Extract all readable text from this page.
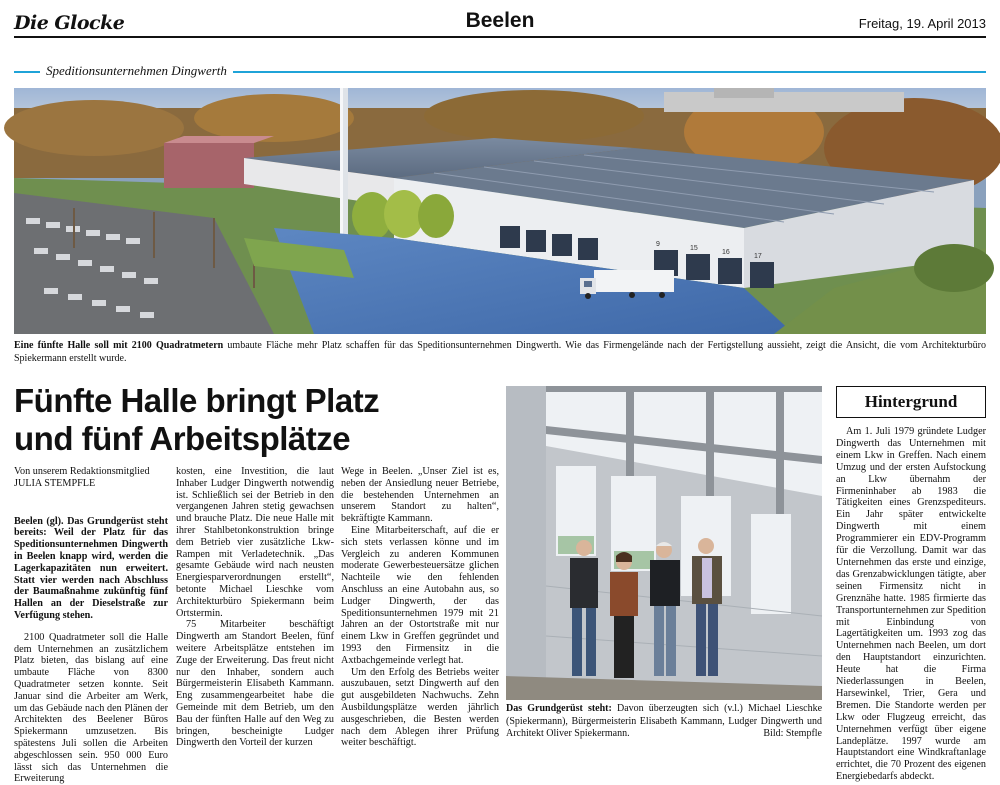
Die Glocke	Beelen	Freitag, 19. April 2013
Speditionsunternehmen Dingwerth
9
15
16
17

Eine fünfte Halle soll mit 2100 Quadratmetern umbaute Fläche mehr Platz schaffen für das Speditionsunternehmen Dingwerth. Wie das Firmengelände nach der Fertigstellung aussieht, zeigt die Ansicht, die vom Architekturbüro Spiekermann erstellt wurde.

Fünfte Halle bringt Platz
und fünf Arbeitsplätze
Von unserem Redaktionsmitglied
JULIA STEMPFLE

Beelen (gl). Das Grundgerüst steht bereits: Weil der Platz für das Speditionsunternehmen Dingwerth in Beelen knapp wird, werden die Lagerkapazitäten nun erweitert. Statt vier werden nach Abschluss der Baumaßnahme zukünftig fünf Hallen an der Dieselstraße zur Verfügung stehen.

2100 Quadratmeter soll die Halle dem Unternehmen an zusätzlichem Platz bieten, das bislang auf eine umbaute Fläche von 8300 Quadratmeter setzen konnte. Seit Januar sind die Arbeiter am Werk, um das Gebäude nach den Plänen der Architekten des Beelener Büros Spiekermann umzusetzen. Bis spätestens Juli sollen die Arbeiten abgeschlossen sein. 950 000 Euro lässt sich das Unternehmen die Erweiterung

kosten, eine Investition, die laut Inhaber Ludger Dingwerth notwendig ist. Schließlich sei der Betrieb in den vergangenen Jahren stetig gewachsen und brauche Platz. Die neue Halle mit ihrer Stahlbetonkonstruktion bringe dem Betrieb vier zusätzliche Lkw-Rampen mit Verladetechnik. „Das gesamte Gebäude wird nach neusten Energiesparverordnungen erstellt“, betonte Michael Lieschke vom Architekturbüro Spiekermann beim Ortstermin.

75 Mitarbeiter beschäftigt Dingwerth am Standort Beelen, fünf weitere Arbeitsplätze entstehen im Zuge der Erweiterung. Das freut nicht nur den Inhaber, sondern auch Bürgermeisterin Elisabeth Kammann. Eng zusammengearbeitet habe die Gemeinde mit dem Betrieb, um den Bau der fünften Halle auf den Weg zu bringen, bescheinigte Ludger Dingwerth den Vorteil der kurzen

Wege in Beelen. „Unser Ziel ist es, neben der Ansiedlung neuer Betriebe, die bestehenden Unternehmen an unserem Standort zu halten“, bekräftigte Kammann.

Eine Mitarbeiterschaft, auf die er sich stets verlassen könne und im Vergleich zu anderen Kommunen moderate Gewerbesteuersätze glichen Nachteile wie den fehlenden Anschluss an eine Autobahn aus, so Ludger Dingwerth, der das Speditionsunternehmen 1979 mit 21 Jahren an der Ostortstraße mit nur einem Lkw in Greffen gegründet und 1993 den Firmensitz in die Axtbachgemeinde verlegt hat.

Um den Erfolg des Betriebs weiter auszubauen, setzt Dingwerth auf den gut ausgebildeten Nachwuchs. Zehn Ausbildungsplätze werden jährlich ausgeschrieben, die Besten werden nach dem Ablegen ihrer Prüfung weiter beschäftigt.

Das Grundgerüst steht: Davon überzeugten sich (v.l.) Michael Lieschke (Spiekermann), Bürgermeisterin Elisabeth Kammann, Ludger Dingwerth und Architekt Oliver Spiekermann.	Bild: Stempfle

Hintergrund

Am 1. Juli 1979 gründete Ludger Dingwerth das Unternehmen mit einem Lkw in Greffen. Nach einem Umzug und der ersten Aufstockung an Lkw übernahm der Firmeninhaber ab 1983 die Tätigkeiten eines Grenzspediteurs. Ein Jahr später entwickelte Dingwerth mit einem Programmierer ein EDV-Programm für die Verzollung. Damit war das Unternehmen das erste und einzige, das Grenzabwicklungen tätigte, aber seinen Firmensitz nicht in Grenznähe hatte. 1985 firmierte das Transportunternehmen zur Spedition mit Einbindung von Lagertätigkeiten um. 1993 zog das Unternehmen nach Beelen, um dort den Hauptstandort einzurichten. Heute hat die Firma Niederlassungen in Beelen, Harsewinkel, Trier, Gera und Bremen. Die Standorte werden per Lkw oder Flugzeug erreicht, das Unternehmen verfügt über eigene Landeplätze. 1997 wurde am Hauptstandort eine Windkraftanlage errichtet, die 70 Prozent des eigenen Energiebedarfs abdeckt.
